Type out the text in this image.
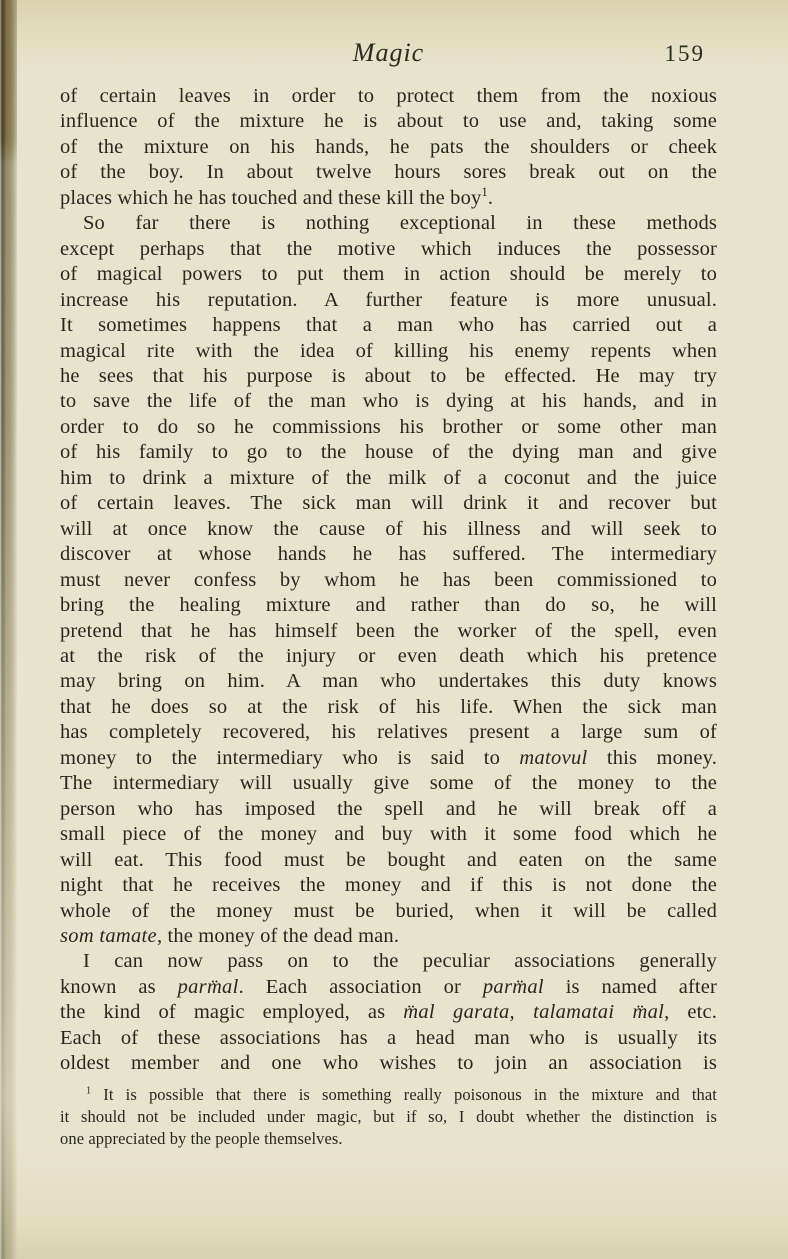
Magic	159
of certain leaves in order to protect them from the noxious
influence of the mixture he is about to use and, taking some
of the mixture on his hands, he pats the shoulders or cheek
of the boy. In about twelve hours sores break out on the
places which he has touched and these kill the boy$^1$.
So far there is nothing exceptional in these methods
except perhaps that the motive which induces the possessor
of magical powers to put them in action should be merely to
increase his reputation. A further feature is more unusual.
It sometimes happens that a man who has carried out a
magical rite with the idea of killing his enemy repents when
he sees that his purpose is about to be effected. He may try
to save the life of the man who is dying at his hands, and in
order to do so he commissions his brother or some other man
of his family to go to the house of the dying man and give
him to drink a mixture of the milk of a coconut and the juice
of certain leaves. The sick man will drink it and recover but
will at once know the cause of his illness and will seek to
discover at whose hands he has suffered. The intermediary
must never confess by whom he has been commissioned to
bring the healing mixture and rather than do so, he will
pretend that he has himself been the worker of the spell, even
at the risk of the injury or even death which his pretence
may bring on him. A man who undertakes this duty knows
that he does so at the risk of his life. When the sick man
has completely recovered, his relatives present a large sum of
money to the intermediary who is said to matovul this money.
The intermediary will usually give some of the money to the
person who has imposed the spell and he will break off a
small piece of the money and buy with it some food which he
will eat. This food must be bought and eaten on the same
night that he receives the money and if this is not done the
whole of the money must be buried, when it will be called
som tamate, the money of the dead man.
I can now pass on to the peculiar associations generally
known as parm̈al. Each association or parm̈al is named after
the kind of magic employed, as m̈al garata, talamatai m̈al, etc.
Each of these associations has a head man who is usually its
oldest member and one who wishes to join an association is
$^1$ It is possible that there is something really poisonous in the mixture and that
it should not be included under magic, but if so, I doubt whether the distinction is
one appreciated by the people themselves.
